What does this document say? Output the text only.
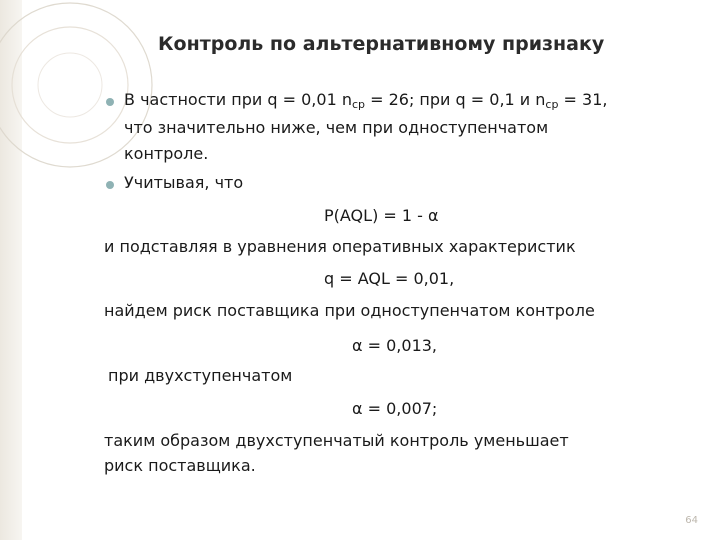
Контроль по альтернативному признаку
В частности при q = 0,01 $n_{ср} = 26$; при q = 0,1 и $n_{ср} = 31$,
что значительно ниже, чем при одноступенчатом
контроле.
Учитывая, что
P(AQL) = 1 - α
и подставляя в уравнения оперативных характеристик
q = AQL = 0,01,
найдем риск поставщика при одноступенчатом контроле
α = 0,013,
при двухступенчатом
α = 0,007;
таким образом двухступенчатый контроль уменьшает
риск поставщика.
64
